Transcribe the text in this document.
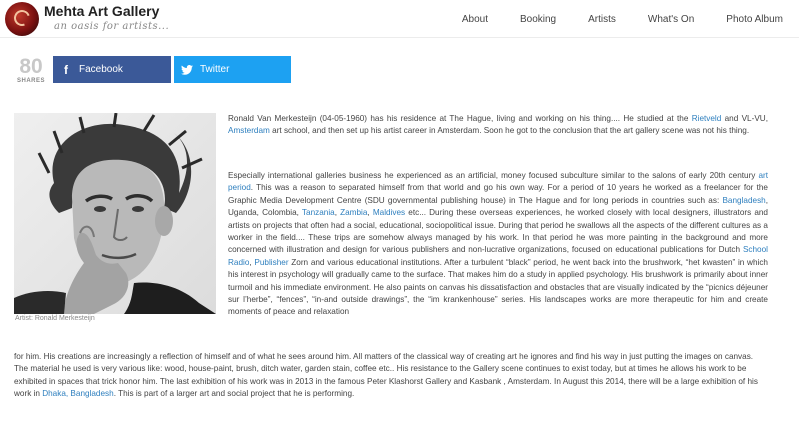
Mehta Art Gallery
an oasis for artists...
About	Booking	Artists	What's On	Photo Album
80
SHARES
f	Facebook	Twitter
Artist: Ronald Merkesteijn
Ronald Van Merkesteijn (04-05-1960) has his residence at The Hague, living and working on his thing.... He studied at the Rietveld and VL-VU, Amsterdam art school, and then set up his artist career in Amsterdam. Soon he got to the conclusion that the art gallery scene was not his thing.
Especially international galleries business he experienced as an artificial, money focused subculture similar to the salons of early 20th century art period. This was a reason to separated himself from that world and go his own way. For a period of 10 years he worked as a freelancer for the Graphic Media Development Centre (SDU governmental publishing house) in The Hague and for long periods in countries such as: Bangladesh, Uganda, Colombia, Tanzania, Zambia, Maldives etc... During these overseas experiences, he worked closely with local designers, illustrators and artists on projects that often had a social, educational, sociopolitical issue. During that period he swallows all the aspects of the different cultures as a worker in the field.... These trips are somehow always managed by his work. In that period he was more painting in the background and more concerned with illustration and design for various publishers and non-lucrative organizations, focused on educational publications for Dutch School Radio, Publisher Zorn and various educational institutions. After a turbulent “black” period, he went back into the brushwork, “het kwasten” in which his interest in psychology will gradually came to the surface. That makes him do a study in applied psychology. His brushwork is primarily about inner turmoil and his immediate environment. He also paints on canvas his dissatisfaction and obstacles that are visually indicated by the “picnics déjeuner sur l’herbe”, “fences”, “in-and outside drawings”, the “im krankenhouse” series. His landscapes works are more therapeutic for him and create moments of peace and relaxation
for him. His creations are increasingly a reflection of himself and of what he sees around him. All matters of the classical way of creating art he ignores and find his way in just putting the images on canvas. The material he used is very various like: wood, house-paint, brush, ditch water, garden stain, coffee etc.. His resistance to the Gallery scene continues to exist today, but at times he allows his work to be exhibited in spaces that trick honor him. The last exhibition of his work was in 2013 in the famous Peter Klashorst Gallery and Kasbank , Amsterdam. In August this 2014, there will be a large exhibition of his work in Dhaka, Bangladesh. This is part of a larger art and social project that he is performing.
